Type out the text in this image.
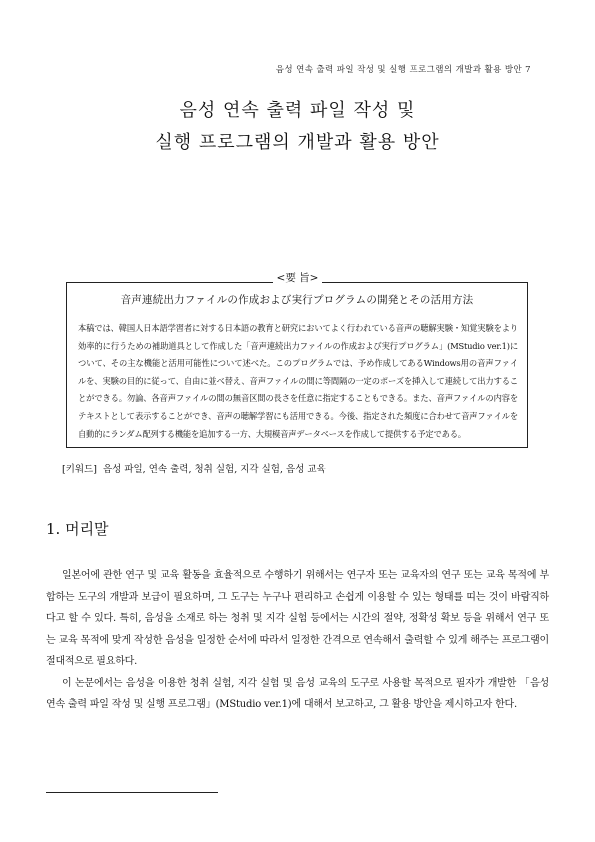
음성 연속 출력 파일 작성 및 실행 프로그램의 개발과 활용 방안 7
음성 연속 출력 파일 작성 및
실행 프로그램의 개발과 활용 방안
<要 旨>
音声連続出力ファイルの作成および実行プログラムの開発とその活用方法
本稿では、韓国人日本語学習者に対する日本語の教育と研究においてよく行われている音声の聴解実験・知覚実験をより効率的に行うための補助道具として作成した「音声連続出力ファイルの作成および実行プログラム」(MStudio ver.1)について、その主な機能と活用可能性について述べた。このプログラムでは、予め作成してあるWindows用の音声ファイルを、実験の目的に従って、自由に並べ替え、音声ファイルの間に等間隔の一定のポーズを挿入して連続して出力することができる。勿論、各音声ファイルの間の無音区間の長さを任意に指定することもできる。また、音声ファイルの内容をテキストとして表示することができ、音声の聴解学習にも活用できる。今後、指定された頻度に合わせて音声ファイルを自動的にランダム配列する機能を追加する一方、大規模音声データベースを作成して提供する予定である。
[키워드] 음성 파일, 연속 출력, 청취 실험, 지각 실험, 음성 교육
1. 머리말

일본어에 관한 연구 및 교육 활동을 효율적으로 수행하기 위해서는 연구자 또는 교육자의 연구 또는 교육 목적에 부합하는 도구의 개발과 보급이 필요하며, 그 도구는 누구나 편리하고 손쉽게 이용할 수 있는 형태를 띠는 것이 바람직하다고 할 수 있다. 특히, 음성을 소재로 하는 청취 및 지각 실험 등에서는 시간의 절약, 정확성 확보 등을 위해서 연구 또는 교육 목적에 맞게 작성한 음성을 일정한 순서에 따라서 일정한 간격으로 연속해서 출력할 수 있게 해주는 프로그램이 절대적으로 필요하다.

이 논문에서는 음성을 이용한 청취 실험, 지각 실험 및 음성 교육의 도구로 사용할 목적으로 필자가 개발한 「음성 연속 출력 파일 작성 및 실행 프로그램」(MStudio ver.1)에 대해서 보고하고, 그 활용 방안을 제시하고자 한다.
